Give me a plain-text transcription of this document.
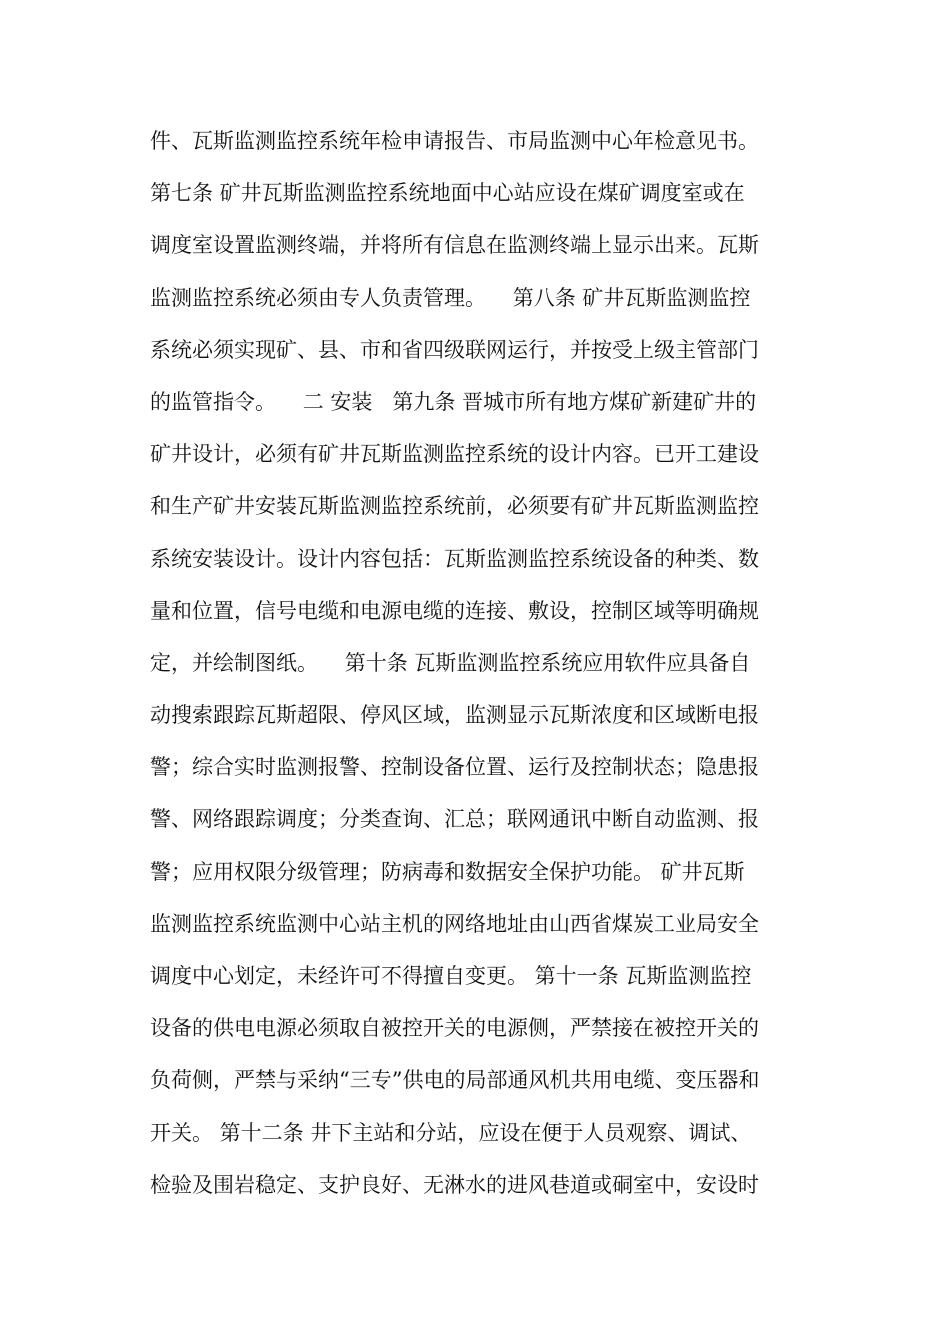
件、瓦斯监测监控系统年检申请报告、市局监测中心年检意见书。
第七条 矿井瓦斯监测监控系统地面中心站应设在煤矿调度室或在
调度室设置监测终端，并将所有信息在监测终端上显示出来。瓦斯
监测监控系统必须由专人负责管理。    第八条 矿井瓦斯监测监控
系统必须实现矿、县、市和省四级联网运行，并按受上级主管部门
的监管指令。    二 安装   第九条 晋城市所有地方煤矿新建矿井的
矿井设计，必须有矿井瓦斯监测监控系统的设计内容。已开工建设
和生产矿井安装瓦斯监测监控系统前，必须要有矿井瓦斯监测监控
系统安装设计。设计内容包括：瓦斯监测监控系统设备的种类、数
量和位置，信号电缆和电源电缆的连接、敷设，控制区域等明确规
定，并绘制图纸。    第十条 瓦斯监测监控系统应用软件应具备自
动搜索跟踪瓦斯超限、停风区域，监测显示瓦斯浓度和区域断电报
警；综合实时监测报警、控制设备位置、运行及控制状态；隐患报
警、网络跟踪调度；分类查询、汇总；联网通讯中断自动监测、报
警；应用权限分级管理；防病毒和数据安全保护功能。 矿井瓦斯
监测监控系统监测中心站主机的网络地址由山西省煤炭工业局安全
调度中心划定，未经许可不得擅自变更。 第十一条 瓦斯监测监控
设备的供电电源必须取自被控开关的电源侧，严禁接在被控开关的
负荷侧，严禁与采纳“三专”供电的局部通风机共用电缆、变压器和
开关。 第十二条 井下主站和分站，应设在便于人员观察、调试、
检验及围岩稳定、支护良好、无淋水的进风巷道或硐室中，安设时
